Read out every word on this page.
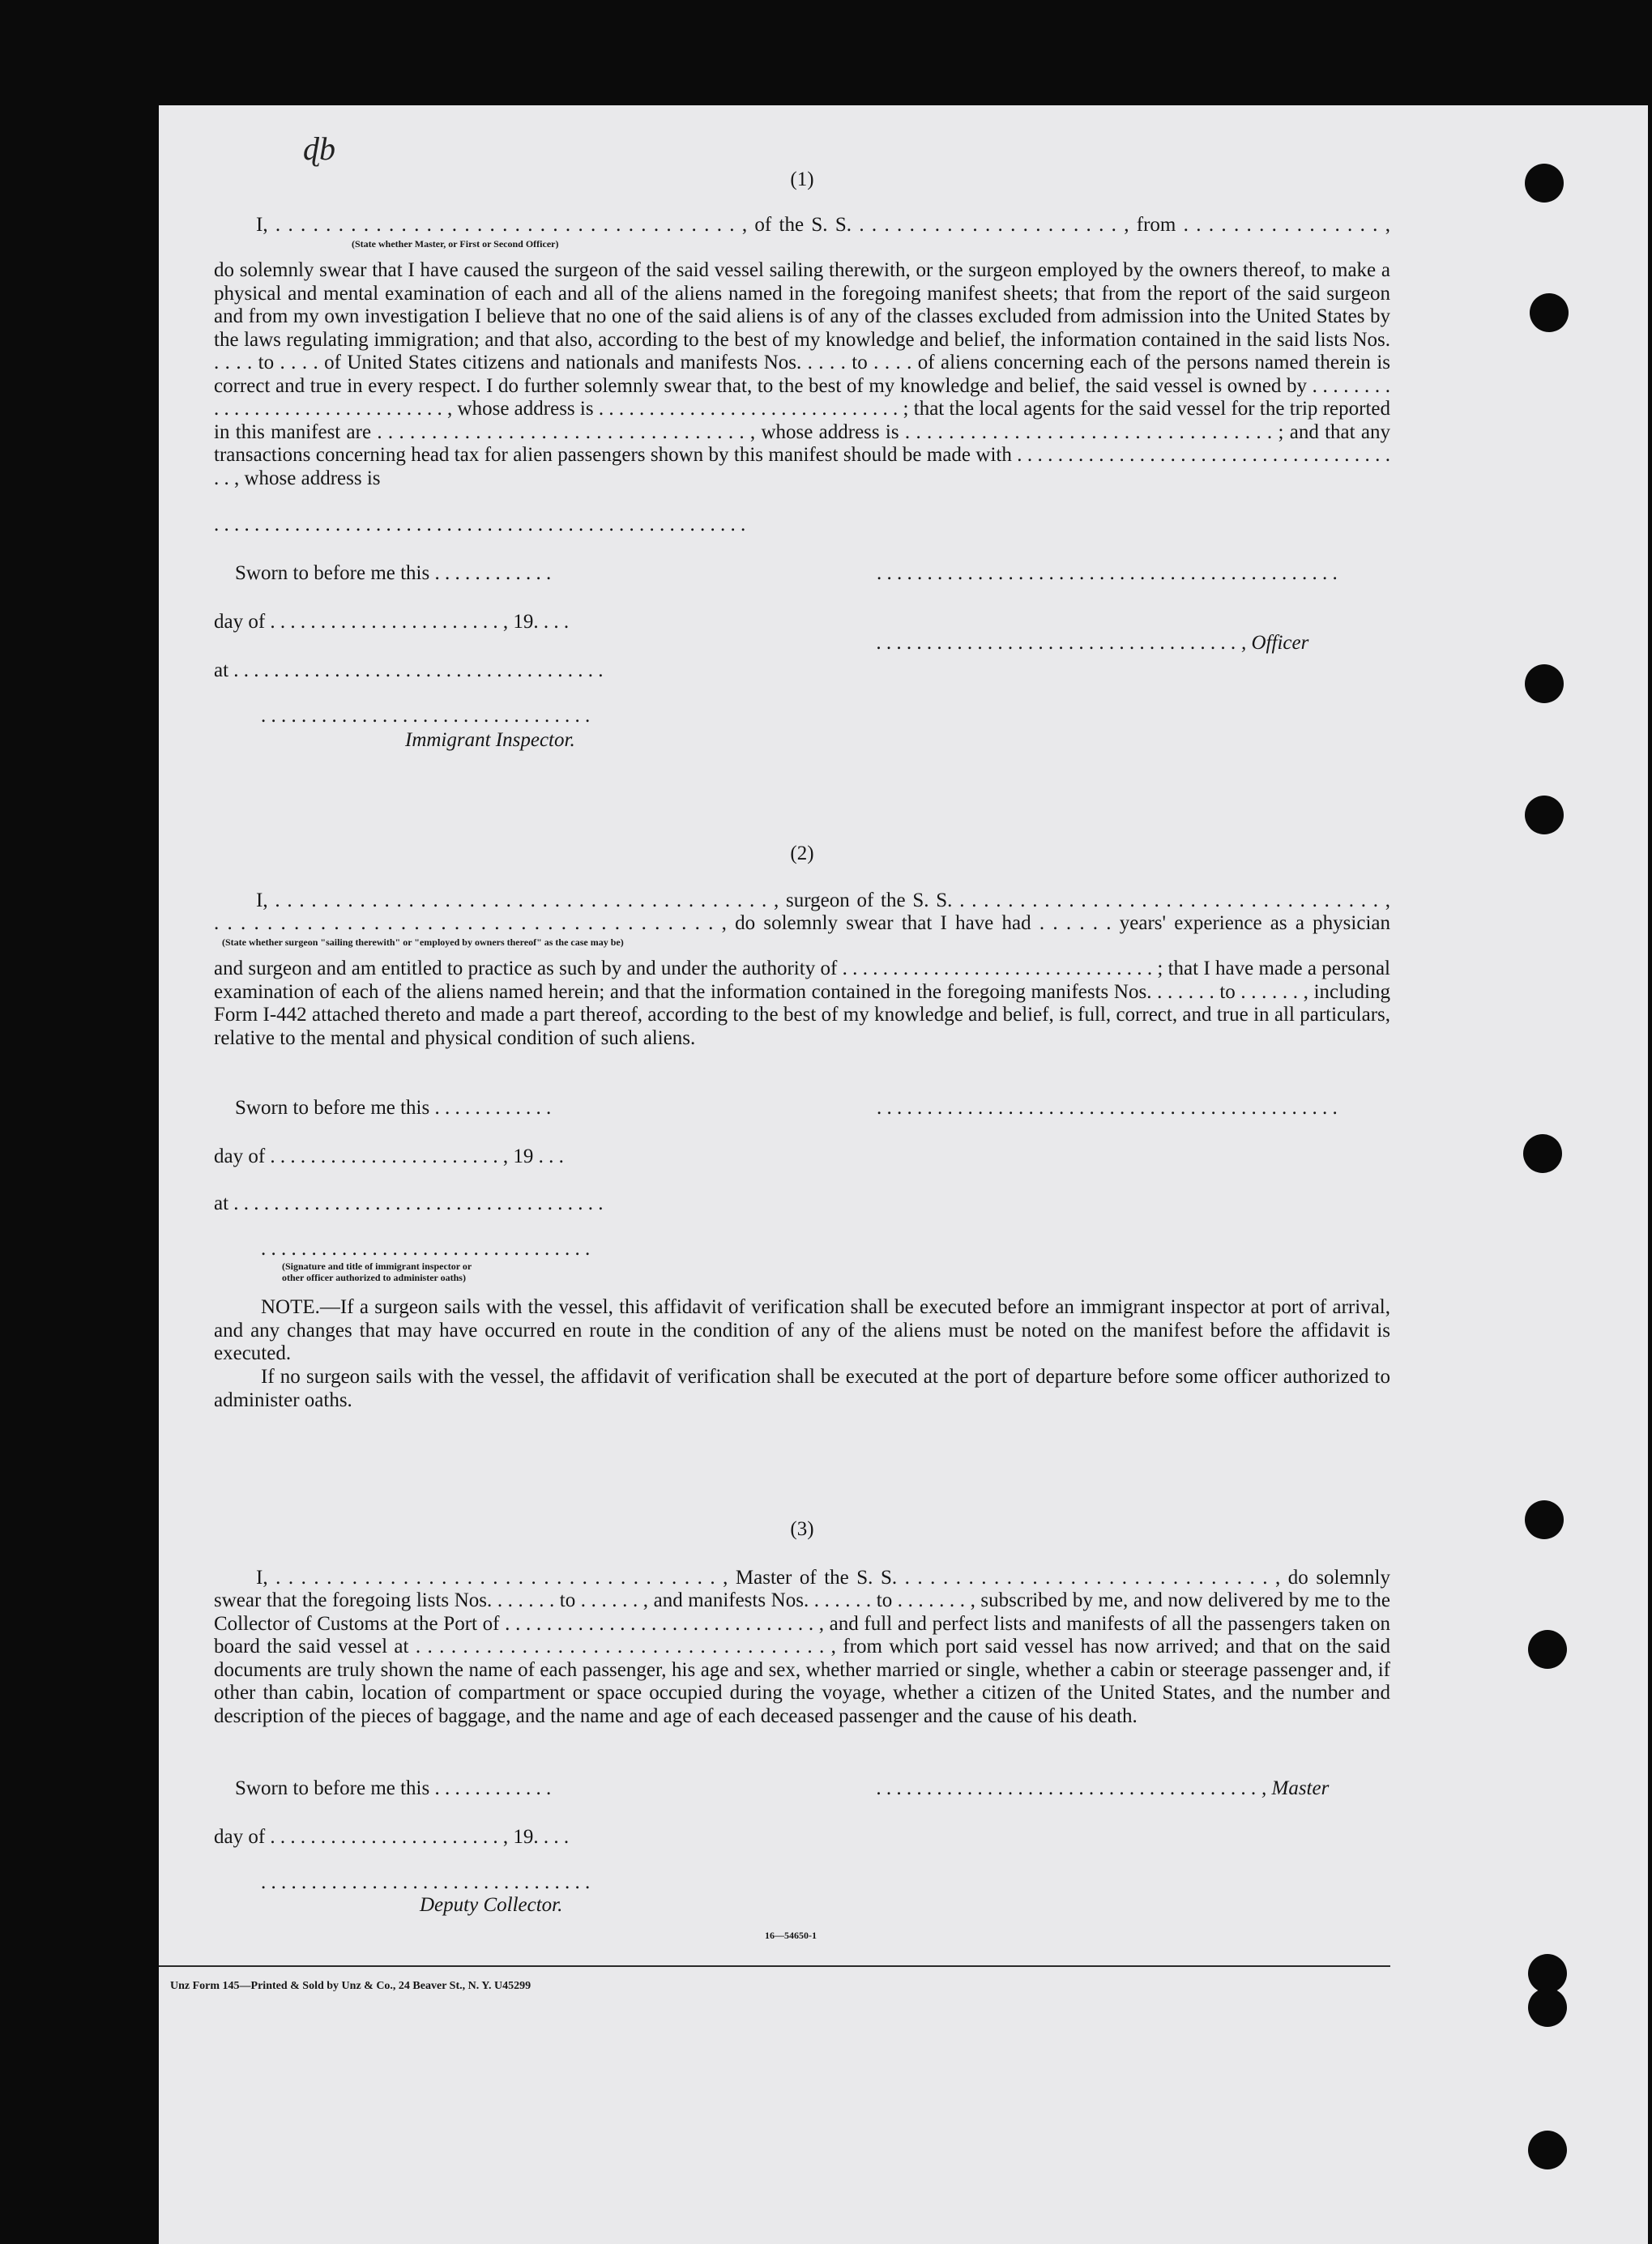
ɖb
(1)
I, . . . . . . . . . . . . . . . . . . . . . . . . . . . . . . . . . . . . . , of the S. S. . . . . . . . . . . . . . . . . . . . . . , from . . . . . . . . . . . . . . . . ,
(State whether Master, or First or Second Officer)
do solemnly swear that I have caused the surgeon of the said vessel sailing therewith, or the surgeon employed by the owners thereof, to make a physical and mental examination of each and all of the aliens named in the foregoing manifest sheets; that from the report of the said surgeon and from my own investigation I believe that no one of the said aliens is of any of the classes excluded from admission into the United States by the laws regulating immigration; and that also, according to the best of my knowledge and belief, the information contained in the said lists Nos. . . . . to . . . . of United States citizens and nationals and manifests Nos. . . . . to . . . . of aliens concerning each of the persons named therein is correct and true in every respect. I do further solemnly swear that, to the best of my knowledge and belief, the said vessel is owned by . . . . . . . . . . . . . . . . . . . . . . . . . . . . . . . , whose address is . . . . . . . . . . . . . . . . . . . . . . . . . . . . . . ; that the local agents for the said vessel for the trip reported in this manifest are . . . . . . . . . . . . . . . . . . . . . . . . . . . . . . . . . . , whose address is . . . . . . . . . . . . . . . . . . . . . . . . . . . . . . . . . . ; and that any transactions concerning head tax for alien passengers shown by this manifest should be made with . . . . . . . . . . . . . . . . . . . . . . . . . . . . . . . . . . . . . . . , whose address is
. . . . . . . . . . . . . . . . . . . . . . . . . . . . . . . . . . . . . . . . . . . . . . . . . . . . .
Sworn to before me this . . . . . . . . . . . .	. . . . . . . . . . . . . . . . . . . . . . . . . . . . . . . . . . . . . . . . . . . . . .
day of . . . . . . . . . . . . . . . . . . . . . . . , 19. . . .
. . . . . . . . . . . . . . . . . . . . . . . . . . . . . . . . . . . . , Officer
at . . . . . . . . . . . . . . . . . . . . . . . . . . . . . . . . . . . . .
. . . . . . . . . . . . . . . . . . . . . . . . . . . . . . . . .
Immigrant Inspector.
(2)
I, . . . . . . . . . . . . . . . . . . . . . . . . . . . . . . . . . . . . . . . . . , surgeon of the S. S. . . . . . . . . . . . . . . . . . . . . . . . . . . . . . . . . . . . ,
. . . . . . . . . . . . . . . . . . . . . . . . . . . . . . . . . . . . . . , do solemnly swear that I have had . . . . . . years' experience as a physician
(State whether surgeon "sailing therewith" or "employed by owners thereof" as the case may be)
and surgeon and am entitled to practice as such by and under the authority of . . . . . . . . . . . . . . . . . . . . . . . . . . . . . . . ; that I have made a personal examination of each of the aliens named herein; and that the information contained in the foregoing manifests Nos. . . . . . . to . . . . . . , including Form I-442 attached thereto and made a part thereof, according to the best of my knowledge and belief, is full, correct, and true in all particulars, relative to the mental and physical condition of such aliens.
Sworn to before me this . . . . . . . . . . . .	. . . . . . . . . . . . . . . . . . . . . . . . . . . . . . . . . . . . . . . . . . . . . .
day of . . . . . . . . . . . . . . . . . . . . . . . , 19 . . .
at . . . . . . . . . . . . . . . . . . . . . . . . . . . . . . . . . . . . .
. . . . . . . . . . . . . . . . . . . . . . . . . . . . . . . . .
(Signature and title of immigrant inspector or
other officer authorized to administer oaths)
NOTE.—If a surgeon sails with the vessel, this affidavit of verification shall be executed before an immigrant inspector at port of arrival, and any changes that may have occurred en route in the condition of any of the aliens must be noted on the manifest before the affidavit is executed.
If no surgeon sails with the vessel, the affidavit of verification shall be executed at the port of departure before some officer authorized to administer oaths.
(3)
I, . . . . . . . . . . . . . . . . . . . . . . . . . . . . . . . . . . . , Master of the S. S. . . . . . . . . . . . . . . . . . . . . . . . . . . . . . , do solemnly
swear that the foregoing lists Nos. . . . . . . to . . . . . . , and manifests Nos. . . . . . . to . . . . . . . , subscribed by me, and now delivered by me to the Collector of Customs at the Port of . . . . . . . . . . . . . . . . . . . . . . . . . . . . . . , and full and perfect lists and manifests of all the passengers taken on board the said vessel at . . . . . . . . . . . . . . . . . . . . . . . . . . . . . . . . . . . , from which port said vessel has now arrived; and that on the said documents are truly shown the name of each passenger, his age and sex, whether married or single, whether a cabin or steerage passenger and, if other than cabin, location of compartment or space occupied during the voyage, whether a citizen of the United States, and the number and description of the pieces of baggage, and the name and age of each deceased passenger and the cause of his death.
Sworn to before me this . . . . . . . . . . . .	. . . . . . . . . . . . . . . . . . . . . . . . . . . . . . . . . . . . . . , Master
day of . . . . . . . . . . . . . . . . . . . . . . . , 19. . . .
. . . . . . . . . . . . . . . . . . . . . . . . . . . . . . . . .
Deputy Collector.
16—54650-1
Unz Form 145—Printed & Sold by Unz & Co., 24 Beaver St., N. Y. U45299
